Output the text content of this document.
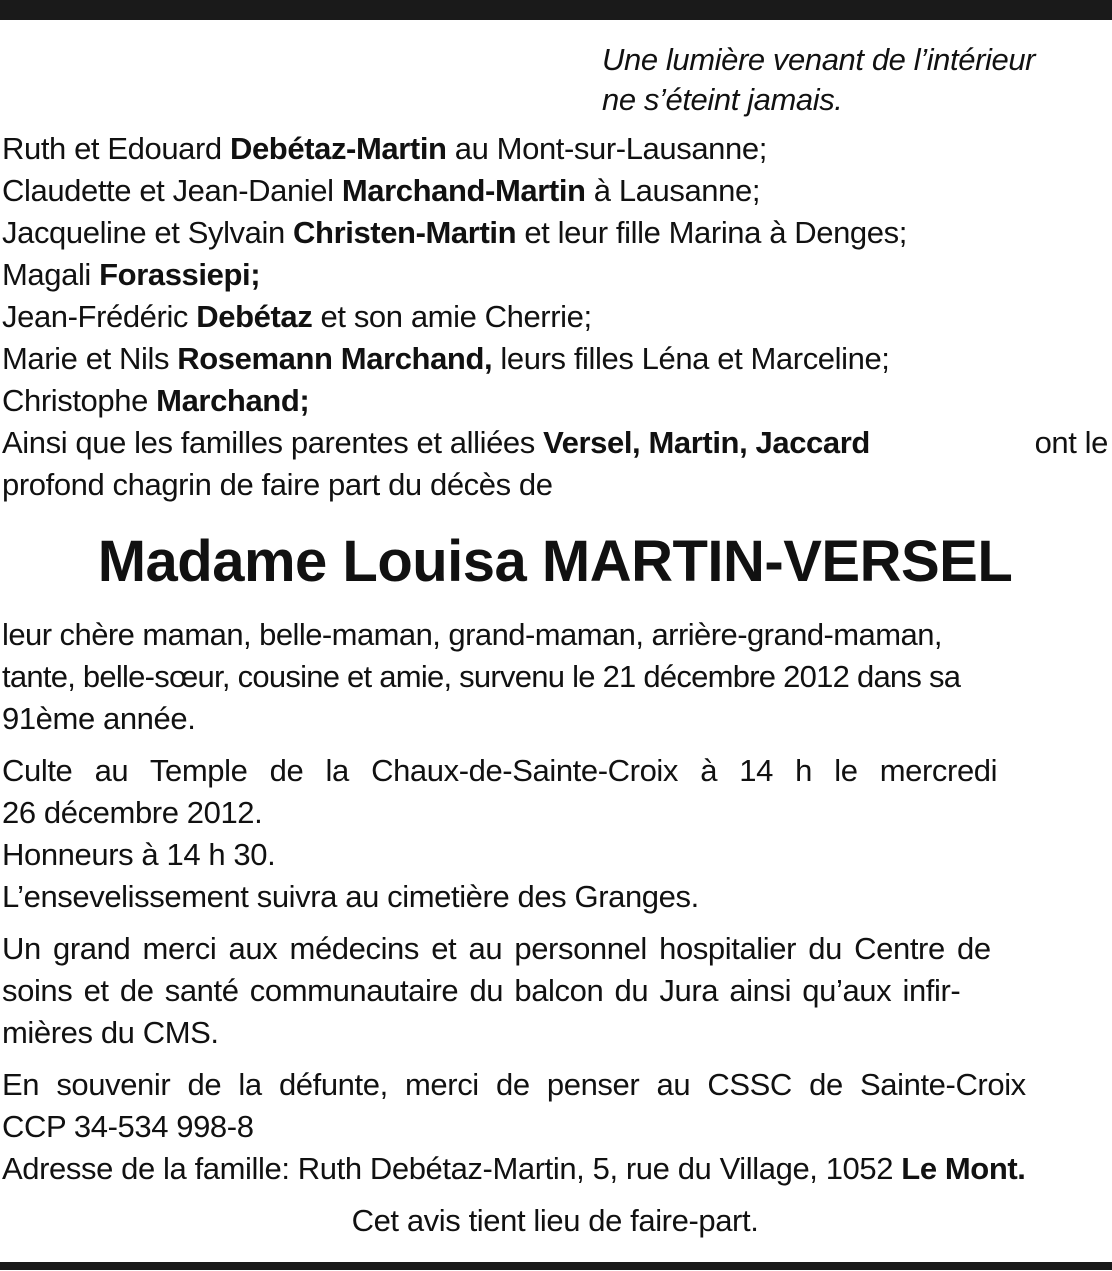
Une lumière venant de l’intérieur
ne s’éteint jamais.
Ruth et Edouard Debétaz-Martin au Mont-sur-Lausanne;
Claudette et Jean-Daniel Marchand-Martin à Lausanne;
Jacqueline et Sylvain Christen-Martin et leur fille Marina à Denges;
Magali Forassiepi;
Jean-Frédéric Debétaz et son amie Cherrie;
Marie et Nils Rosemann Marchand, leurs filles Léna et Marceline;
Christophe Marchand;
Ainsi que les familles parentes et alliées Versel, Martin, Jaccard	ont le
profond chagrin de faire part du décès de
Madame Louisa MARTIN-VERSEL
leur chère maman, belle-maman, grand-maman, arrière-grand-maman,
tante, belle-sœur, cousine et amie, survenu le 21 décembre 2012 dans sa
91ème année.
Culte au Temple de la Chaux-de-Sainte-Croix à 14 h le mercredi
26 décembre 2012.
Honneurs à 14 h 30.
L’ensevelissement suivra au cimetière des Granges.
Un grand merci aux médecins et au personnel hospitalier du Centre de
soins et de santé communautaire du balcon du Jura ainsi qu’aux infir-
mières du CMS.
En souvenir de la défunte, merci de penser au CSSC de Sainte-Croix
CCP 34-534 998-8
Adresse de la famille: Ruth Debétaz-Martin, 5, rue du Village, 1052 Le Mont.
Cet avis tient lieu de faire-part.
